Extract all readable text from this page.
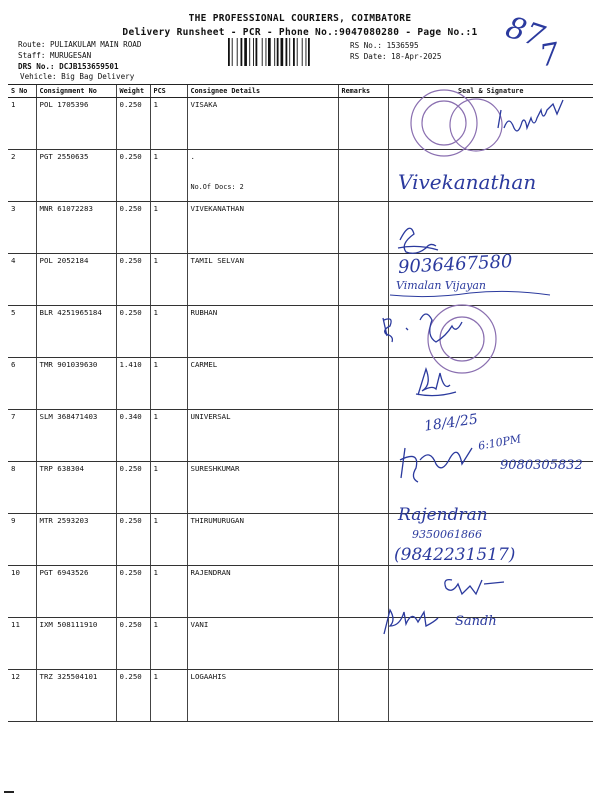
THE PROFESSIONAL COURIERS, COIMBATORE
Delivery Runsheet - PCR - Phone No.:9047080280 - Page No.:1
Route: PULIAKULAM MAIN ROAD
Staff: MURUGESAN
DRS No.: DCJB153659501
Vehicle: Big Bag Delivery
RS No.: 1536595
RS Date: 18-Apr-2025
S No	Consignment No	Weight	PCS	Consignee Details	Remarks	Seal & Signature
1	POL 1705396	0.250	1	VISAKA		
2	PGT 2550635	0.250	1	.
No.Of Docs: 2		

3	MNR 61072283	0.250	1	VIVEKANATHAN		
4	POL 2052184	0.250	1	TAMIL SELVAN		
5	BLR 4251965184	0.250	1	RUBHAN		
6	TMR 901039630	1.410	1	CARMEL		
7	SLM 368471403	0.340	1	UNIVERSAL		
8	TRP 638304	0.250	1	SURESHKUMAR		
9	MTR 2593203	0.250	1	THIRUMURUGAN		
10	PGT 6943526	0.250	1	RAJENDRAN		
11	IXM 508111910	0.250	1	VANI		
12	TRZ 325504101	0.250	1	LOGAAHIS		
87
7
Vivekanathan
9036467580
Vimalan Vijayan
18/4/25
6:10PM
9080305832
Rajendran
9350061866
(9842231517)
Sandh
